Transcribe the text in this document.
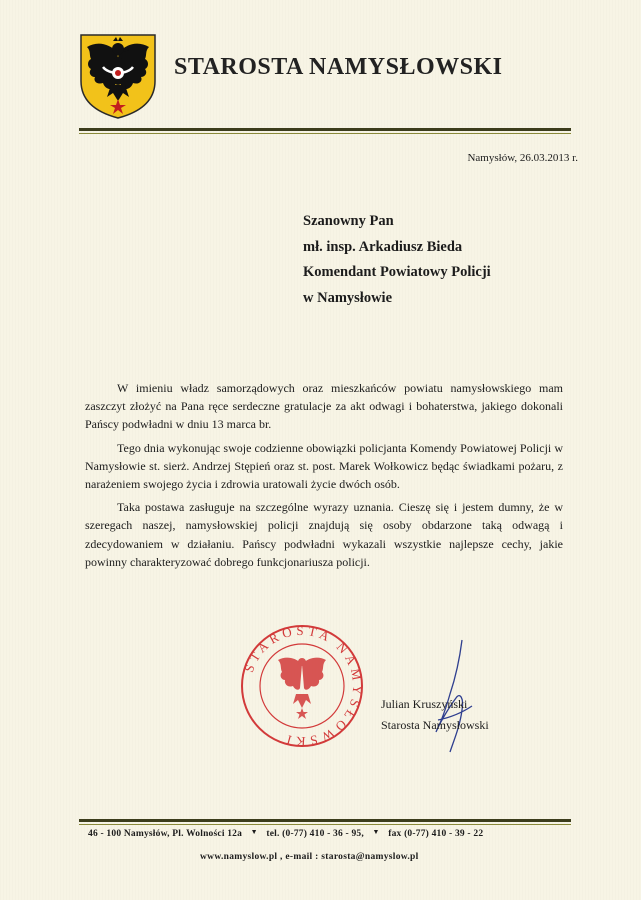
STAROSTA NAMYSŁOWSKI
Namysłów, 26.03.2013 r.
Szanowny Pan
mł. insp. Arkadiusz Bieda
Komendant Powiatowy Policji
w Namysłowie

W imieniu władz samorządowych oraz mieszkańców powiatu namysłowskiego mam zaszczyt złożyć na Pana ręce serdeczne gratulacje za akt odwagi i bohaterstwa, jakiego dokonali Pańscy podwładni w dniu 13 marca br.

Tego dnia wykonując swoje codzienne obowiązki policjanta Komendy Powiatowej Policji w Namysłowie st. sierż. Andrzej Stępień oraz st. post. Marek Wołkowicz będąc świadkami pożaru, z narażeniem swojego życia i zdrowia uratowali życie dwóch osób.

Taka postawa zasługuje na szczególne wyrazy uznania. Cieszę się i jestem dumny, że w szeregach naszej, namysłowskiej policji znajdują się osoby obdarzone taką odwagą i zdecydowaniem w działaniu. Pańscy podwładni wykazali wszystkie najlepsze cechy, jakie powinny charakteryzować dobrego funkcjonariusza policji.

STAROSTA NAMYSŁOWSKI
Julian Kruszyński
Starosta Namysłowski
46 - 100 Namysłów, Pl. Wolności 12a ▼ tel. (0-77) 410 - 36 - 95, ▼ fax (0-77) 410 - 39 - 22
www.namyslow.pl , e-mail : starosta@namyslow.pl
